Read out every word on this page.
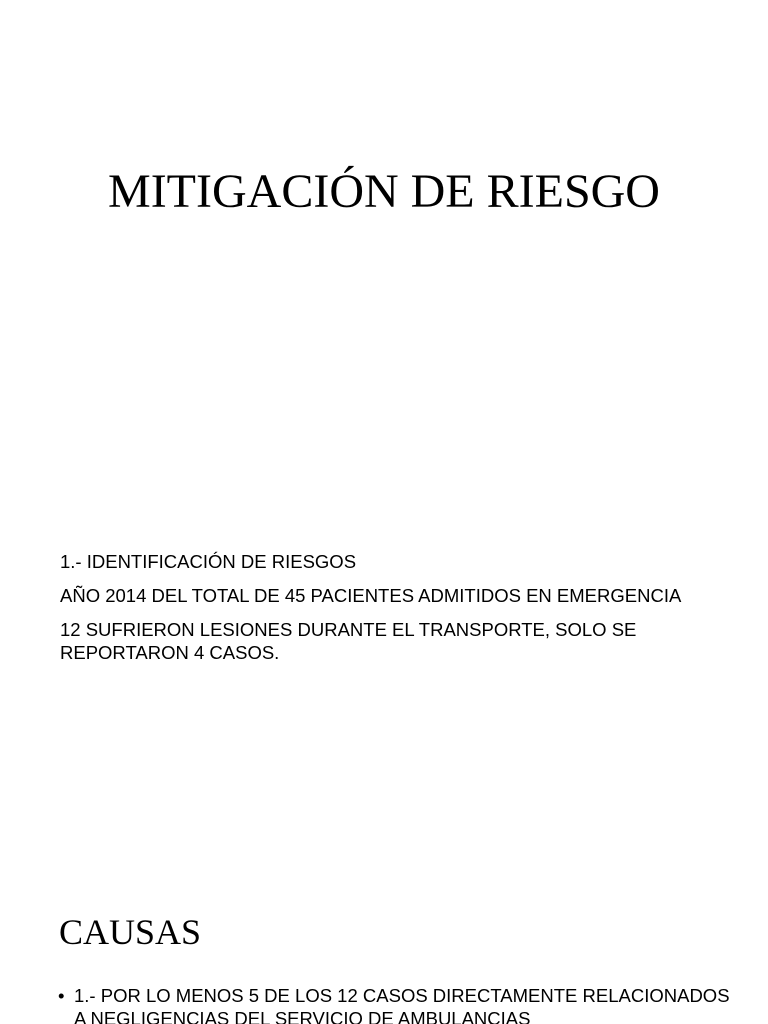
MITIGACIÓN DE RIESGO

1.- IDENTIFICACIÓN DE RIESGOS

AÑO 2014 DEL TOTAL DE 45 PACIENTES ADMITIDOS EN EMERGENCIA

12 SUFRIERON LESIONES DURANTE EL TRANSPORTE, SOLO SE REPORTARON 4 CASOS.

CAUSAS
• 1.- POR LO MENOS 5 DE LOS 12 CASOS DIRECTAMENTE RELACIONADOS A NEGLIGENCIAS DEL SERVICIO DE AMBULANCIAS
